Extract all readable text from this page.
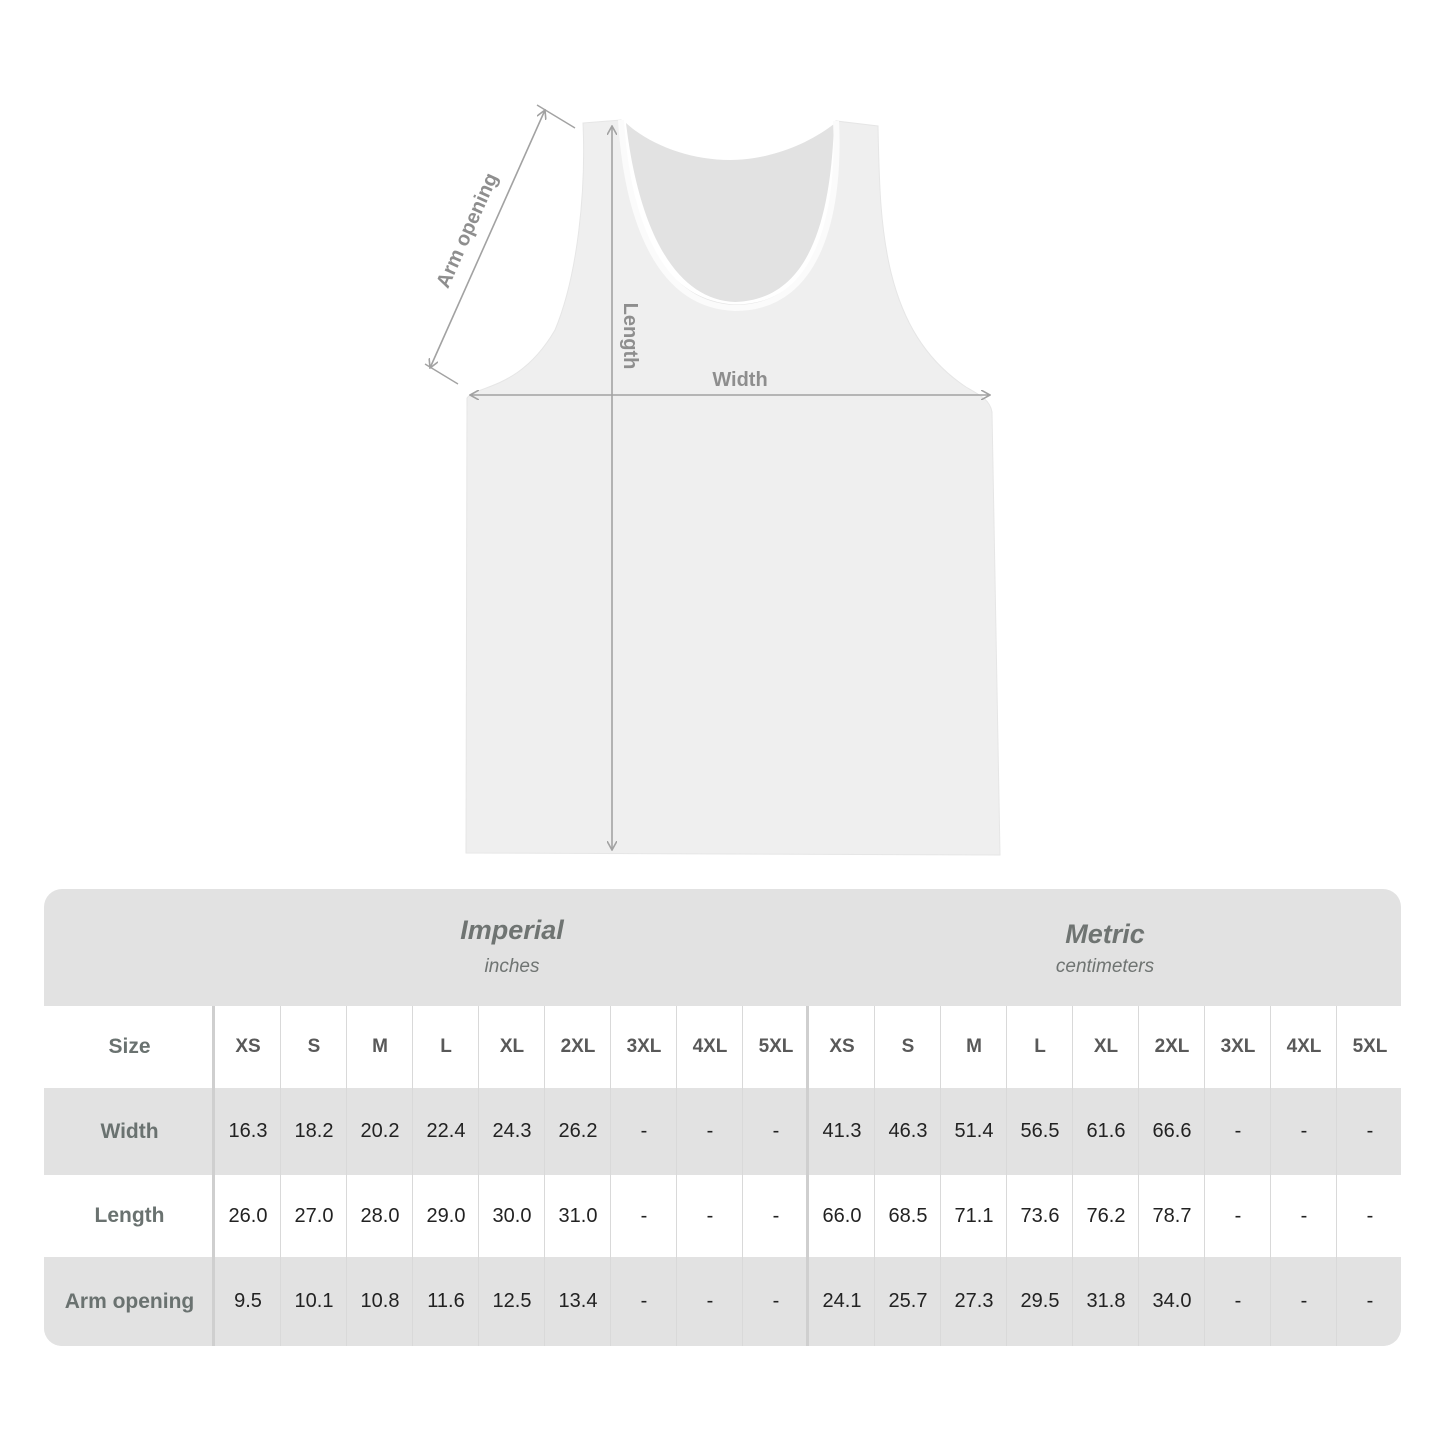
Arm opening
Length
Width
Imperial
inches
Metric
centimeters
Size	XS	S	M	L	XL	2XL	3XL	4XL	5XL	XS	S	M	L	XL	2XL	3XL	4XL	5XL
Width	16.3	18.2	20.2	22.4	24.3	26.2	-	-	-	41.3	46.3	51.4	56.5	61.6	66.6	-	-	-
Length	26.0	27.0	28.0	29.0	30.0	31.0	-	-	-	66.0	68.5	71.1	73.6	76.2	78.7	-	-	-
Arm opening	9.5	10.1	10.8	11.6	12.5	13.4	-	-	-	24.1	25.7	27.3	29.5	31.8	34.0	-	-	-
